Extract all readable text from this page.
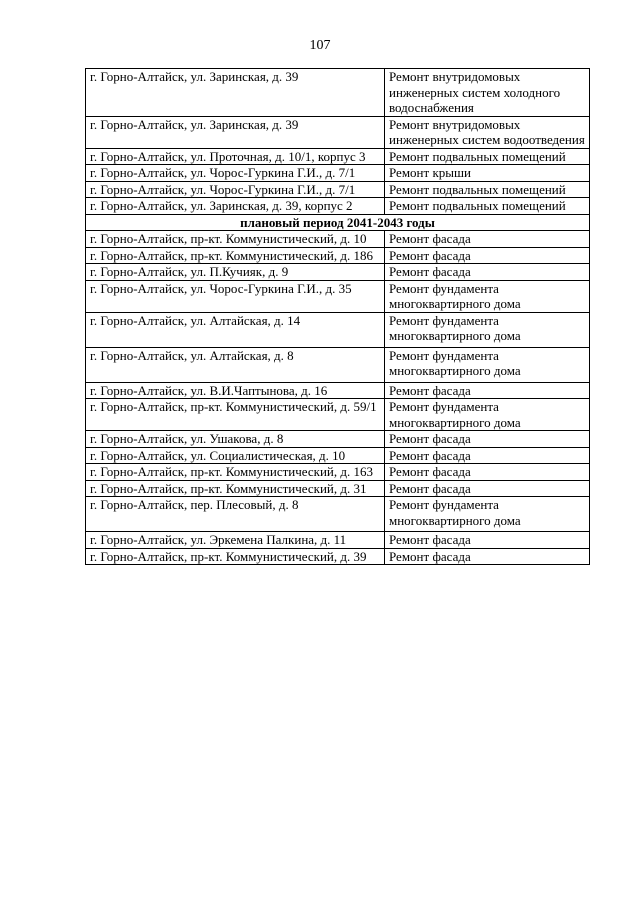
107
г. Горно-Алтайск, ул. Заринская, д. 39	Ремонт внутридомовых инженерных систем холодного водоснабжения
г. Горно-Алтайск, ул. Заринская, д. 39	Ремонт внутридомовых инженерных систем водоотведения
г. Горно-Алтайск, ул. Проточная, д. 10/1, корпус 3	Ремонт подвальных помещений
г. Горно-Алтайск, ул. Чорос-Гуркина Г.И., д. 7/1	Ремонт крыши
г. Горно-Алтайск, ул. Чорос-Гуркина Г.И., д. 7/1	Ремонт подвальных помещений
г. Горно-Алтайск, ул. Заринская, д. 39, корпус 2	Ремонт подвальных помещений
плановый период 2041-2043 годы	
г. Горно-Алтайск, пр-кт. Коммунистический, д. 10	Ремонт фасада
г. Горно-Алтайск, пр-кт. Коммунистический, д. 186	Ремонт фасада
г. Горно-Алтайск, ул. П.Кучияк, д. 9	Ремонт фасада
г. Горно-Алтайск, ул. Чорос-Гуркина Г.И., д. 35	Ремонт фундамента многоквартирного дома
г. Горно-Алтайск, ул. Алтайская, д. 14	Ремонт фундамента многоквартирного дома
г. Горно-Алтайск, ул. Алтайская, д. 8	Ремонт фундамента многоквартирного дома
г. Горно-Алтайск, ул. В.И.Чаптынова, д. 16	Ремонт фасада
г. Горно-Алтайск, пр-кт. Коммунистический, д. 59/1	Ремонт фундамента многоквартирного дома
г. Горно-Алтайск, ул. Ушакова, д. 8	Ремонт фасада
г. Горно-Алтайск, ул. Социалистическая, д. 10	Ремонт фасада
г. Горно-Алтайск, пр-кт. Коммунистический, д. 163	Ремонт фасада
г. Горно-Алтайск, пр-кт. Коммунистический, д. 31	Ремонт фасада
г. Горно-Алтайск, пер. Плесовый, д. 8	Ремонт фундамента многоквартирного дома
г. Горно-Алтайск, ул. Эркемена Палкина, д. 11	Ремонт фасада
г. Горно-Алтайск, пр-кт. Коммунистический, д. 39	Ремонт фасада
